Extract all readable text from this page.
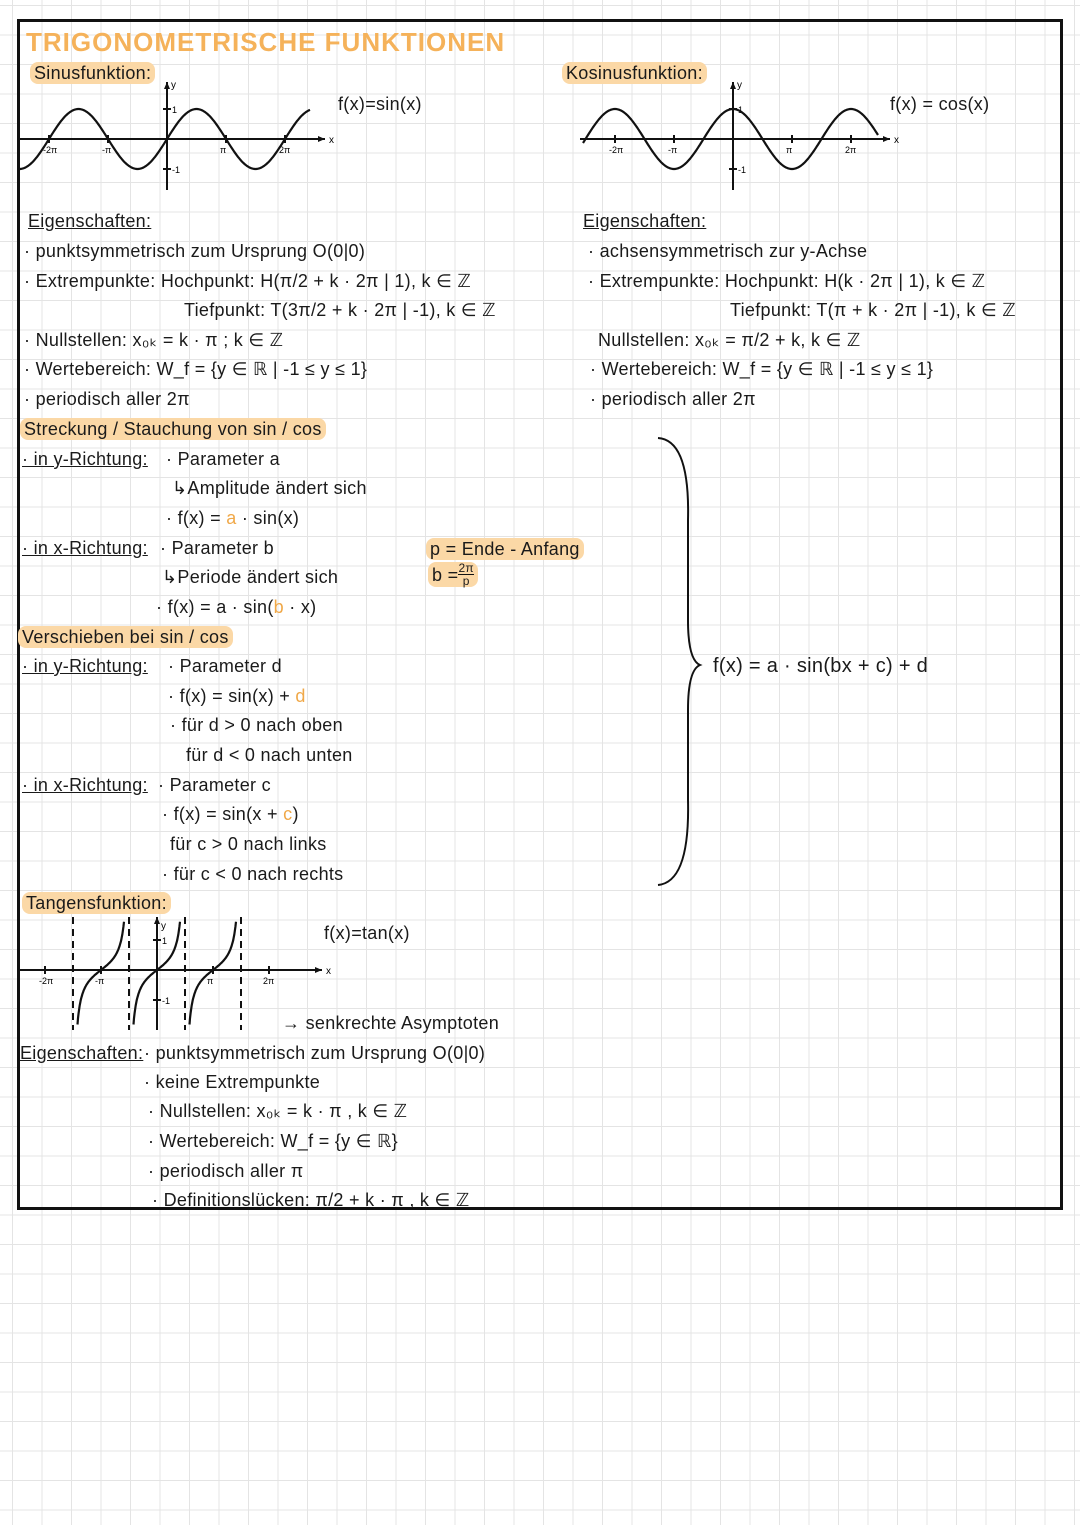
TRIGONOMETRISCHE FUNKTIONEN
-2π	-π	π	2π
1
-1
x
y
-2π	-π	π	2π
1
-1
x
y
-2π	-π	π	2π
1
-1
x
y
Sinusfunktion:
f(x)=sin(x)
Eigenschaften:
· punktsymmetrisch zum Ursprung O(0|0)
· Extrempunkte: Hochpunkt: H(π/2 + k · 2π | 1), k ∈ ℤ
Tiefpunkt: T(3π/2 + k · 2π | -1), k ∈ ℤ
· Nullstellen: x₀ₖ = k · π ; k ∈ ℤ
· Wertebereich: W_f = {y ∈ ℝ | -1 ≤ y ≤ 1}
· periodisch aller 2π
Kosinusfunktion:
f(x) = cos(x)
Eigenschaften:
· achsensymmetrisch zur y-Achse
· Extrempunkte: Hochpunkt: H(k · 2π | 1), k ∈ ℤ
Tiefpunkt: T(π + k · 2π | -1), k ∈ ℤ
Nullstellen: x₀ₖ = π/2 + k, k ∈ ℤ
· Wertebereich: W_f = {y ∈ ℝ | -1 ≤ y ≤ 1}
· periodisch aller 2π
Streckung / Stauchung von sin / cos
· in y-Richtung: · Parameter a
↳Amplitude ändert sich
· f(x) = a · sin(x)
· in x-Richtung: · Parameter b
↳Periode ändert sich
· f(x) = a · sin(b · x)
p = Ende - Anfang
$b = \frac{2\pi}{p}$
Verschieben bei sin / cos
· in y-Richtung: · Parameter d
· f(x) = sin(x) + d
· für d > 0 nach oben
für d < 0 nach unten
· in x-Richtung: · Parameter c
· f(x) = sin(x + c)
für c > 0 nach links
· für c < 0 nach rechts
f(x) = a · sin(bx + c) + d
Tangensfunktion:
f(x)=tan(x)
→ senkrechte Asymptoten
Eigenschaften: · punktsymmetrisch zum Ursprung O(0|0)
· keine Extrempunkte
· Nullstellen: x₀ₖ = k · π , k ∈ ℤ
· Wertebereich: W_f = {y ∈ ℝ}
· periodisch aller π
· Definitionslücken: π/2 + k · π , k ∈ ℤ
